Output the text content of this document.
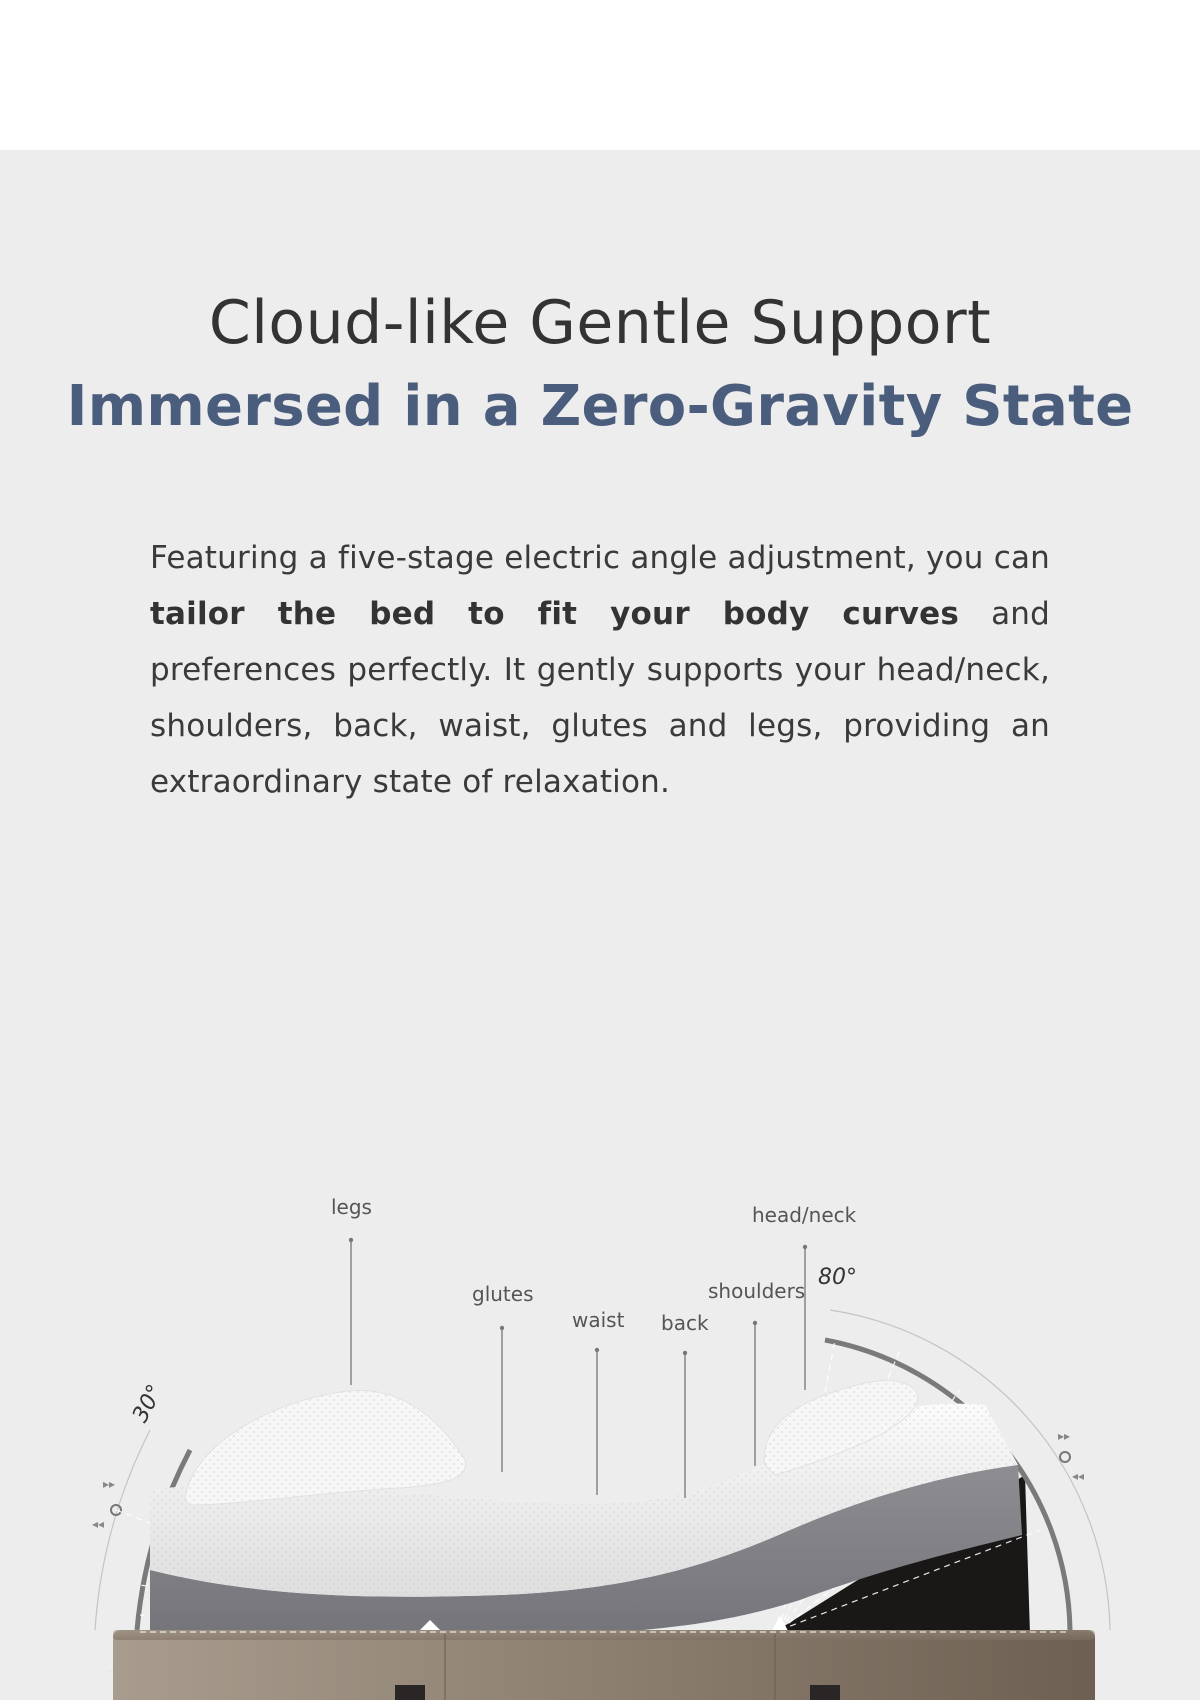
Cloud-like Gentle Support
Immersed in a Zero-Gravity State

Featuring a five-stage electric angle adjustment, you can tailor the bed to fit your body curves and preferences perfectly. It gently supports your head/neck, shoulders, back, waist, glutes and legs, providing an extraordinary state of relaxation.

◂◂
▸▸
▸▸
◂◂
legs
glutes
waist back
shoulders
head/neck
30°
80°
